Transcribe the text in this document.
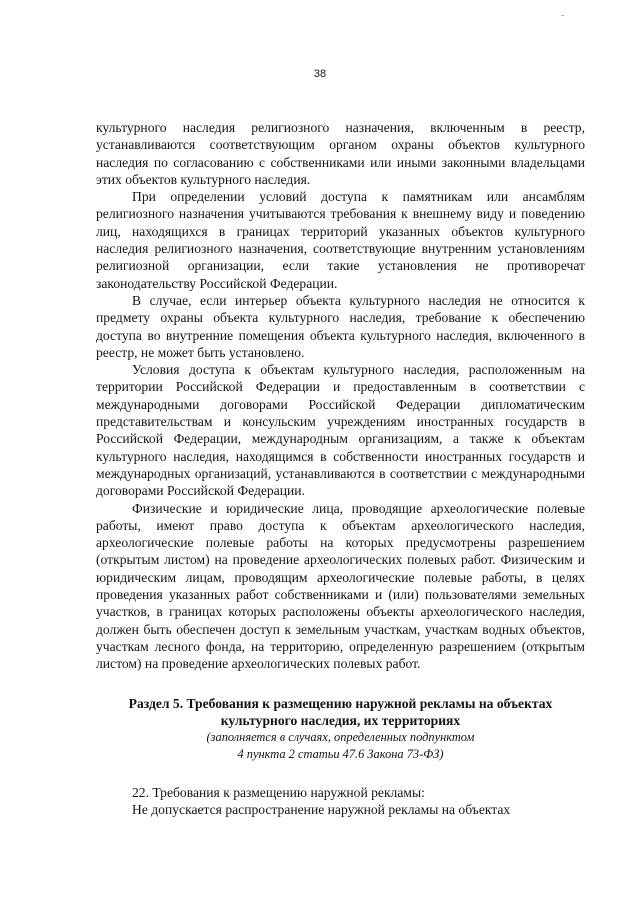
˜
38

культурного наследия религиозного назначения, включенным в реестр, устанавливаются соответствующим органом охраны объектов культурного наследия по согласованию с собственниками или иными законными владельцами этих объектов культурного наследия.

При определении условий доступа к памятникам или ансамблям религиозного назначения учитываются требования к внешнему виду и поведению лиц, находящихся в границах территорий указанных объектов культурного наследия религиозного назначения, соответствующие внутренним установлениям религиозной организации, если такие установления не противоречат законодательству Российской Федерации.

В случае, если интерьер объекта культурного наследия не относится к предмету охраны объекта культурного наследия, требование к обеспечению доступа во внутренние помещения объекта культурного наследия, включенного в реестр, не может быть установлено.

Условия доступа к объектам культурного наследия, расположенным на территории Российской Федерации и предоставленным в соответствии с международными договорами Российской Федерации дипломатическим представительствам и консульским учреждениям иностранных государств в Российской Федерации, международным организациям, а также к объектам культурного наследия, находящимся в собственности иностранных государств и международных организаций, устанавливаются в соответствии с международными договорами Российской Федерации.

Физические и юридические лица, проводящие археологические полевые работы, имеют право доступа к объектам археологического наследия, археологические полевые работы на которых предусмотрены разрешением (открытым листом) на проведение археологических полевых работ. Физическим и юридическим лицам, проводящим археологические полевые работы, в целях проведения указанных работ собственниками и (или) пользователями земельных участков, в границах которых расположены объекты археологического наследия, должен быть обеспечен доступ к земельным участкам, участкам водных объектов, участкам лесного фонда, на территорию, определенную разрешением (открытым листом) на проведение археологических полевых работ.

Раздел 5. Требования к размещению наружной рекламы на объектах
культурного наследия, их территориях
(заполняется в случаях, определенных подпунктом
4 пункта 2 статьи 47.6 Закона 73-ФЗ)

22. Требования к размещению наружной рекламы:

Не допускается распространение наружной рекламы на объектах
